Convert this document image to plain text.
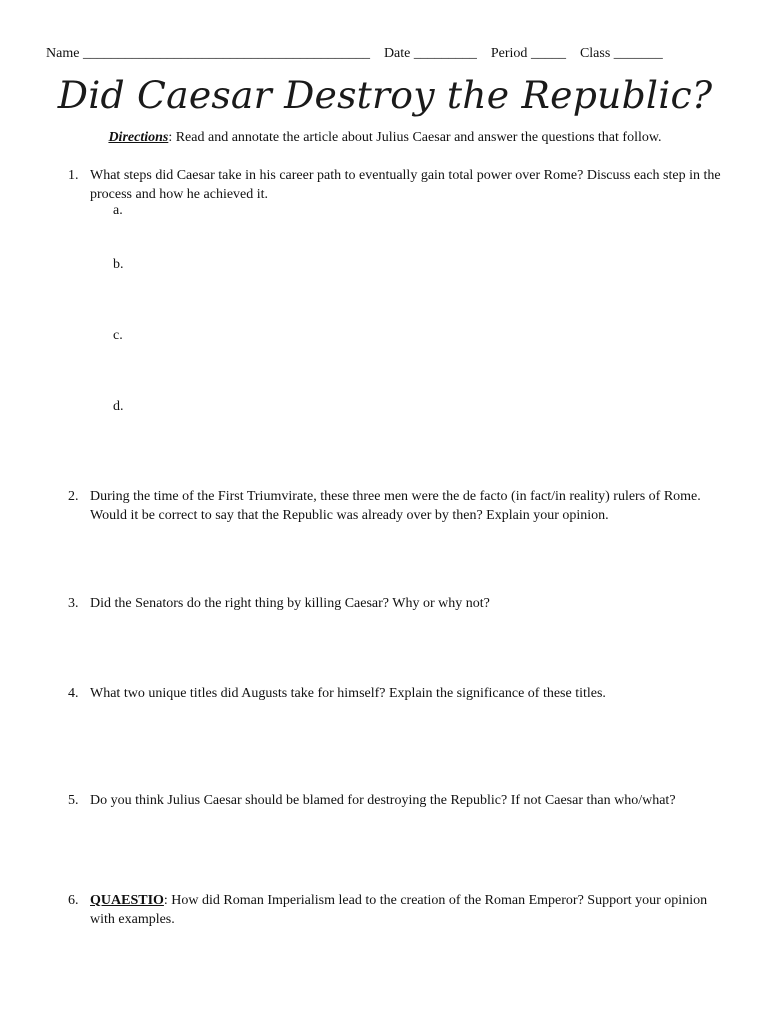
Name _________________________________________ Date _________ Period _____ Class _______
Did Caesar Destroy the Republic?
Directions: Read and annotate the article about Julius Caesar and answer the questions that follow.
1. What steps did Caesar take in his career path to eventually gain total power over Rome? Discuss each step in the process and how he achieved it.
a.
b.
c.
d.
2. During the time of the First Triumvirate, these three men were the de facto (in fact/in reality) rulers of Rome. Would it be correct to say that the Republic was already over by then? Explain your opinion.
3. Did the Senators do the right thing by killing Caesar? Why or why not?
4. What two unique titles did Augusts take for himself? Explain the significance of these titles.
5. Do you think Julius Caesar should be blamed for destroying the Republic? If not Caesar than who/what?
6. QUAESTIO: How did Roman Imperialism lead to the creation of the Roman Emperor? Support your opinion with examples.
